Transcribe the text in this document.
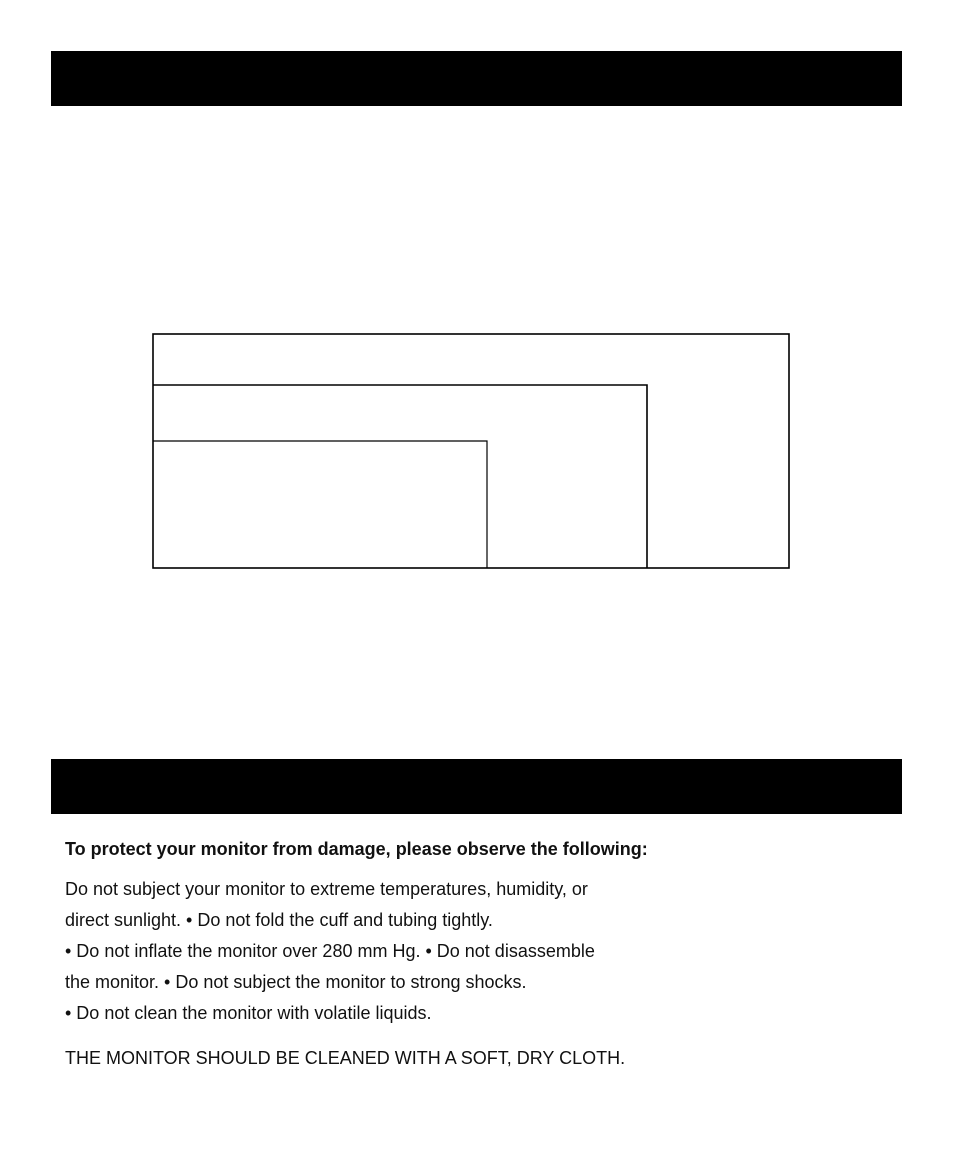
To protect your monitor from damage, please observe the following:

Do not subject your monitor to extreme temperatures, humidity, or
direct sunlight. • Do not fold the cuff and tubing tightly.
• Do not inflate the monitor over 280 mm Hg. • Do not disassemble
the monitor. • Do not subject the monitor to strong shocks.
• Do not clean the monitor with volatile liquids.

THE MONITOR SHOULD BE CLEANED WITH A SOFT, DRY CLOTH.
